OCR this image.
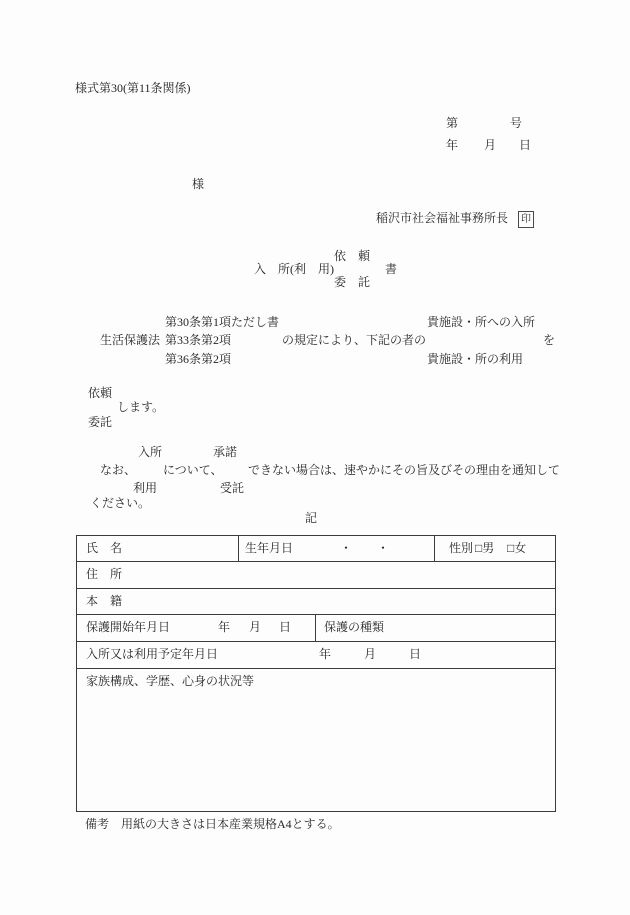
様式第30(第11条関係)
第	号
年 月 日
様
稲沢市社会福祉事務所長	印
依　頼
入　所(利　用)	書
委　託
生活保護法
第30条第1項ただし書
第33条第2項
第36条第2項
の規定により、下記の者の
貴施設・所への入所
貴施設・所の利用
を
依頼
します。
委託
入所	承諾
なお、 について、 できない場合は、速やかにその旨及びその理由を通知して
利用	受託
ください。
記
氏　名	生年月日	・ ・	性別 □男 □女
住　所
本　籍
保護開始年月日	年 月 日	保護の種類
入所又は利用予定年月日	年	月	日
家族構成、学歴、心身の状況等
備考 用紙の大きさは日本産業規格A4とする。
